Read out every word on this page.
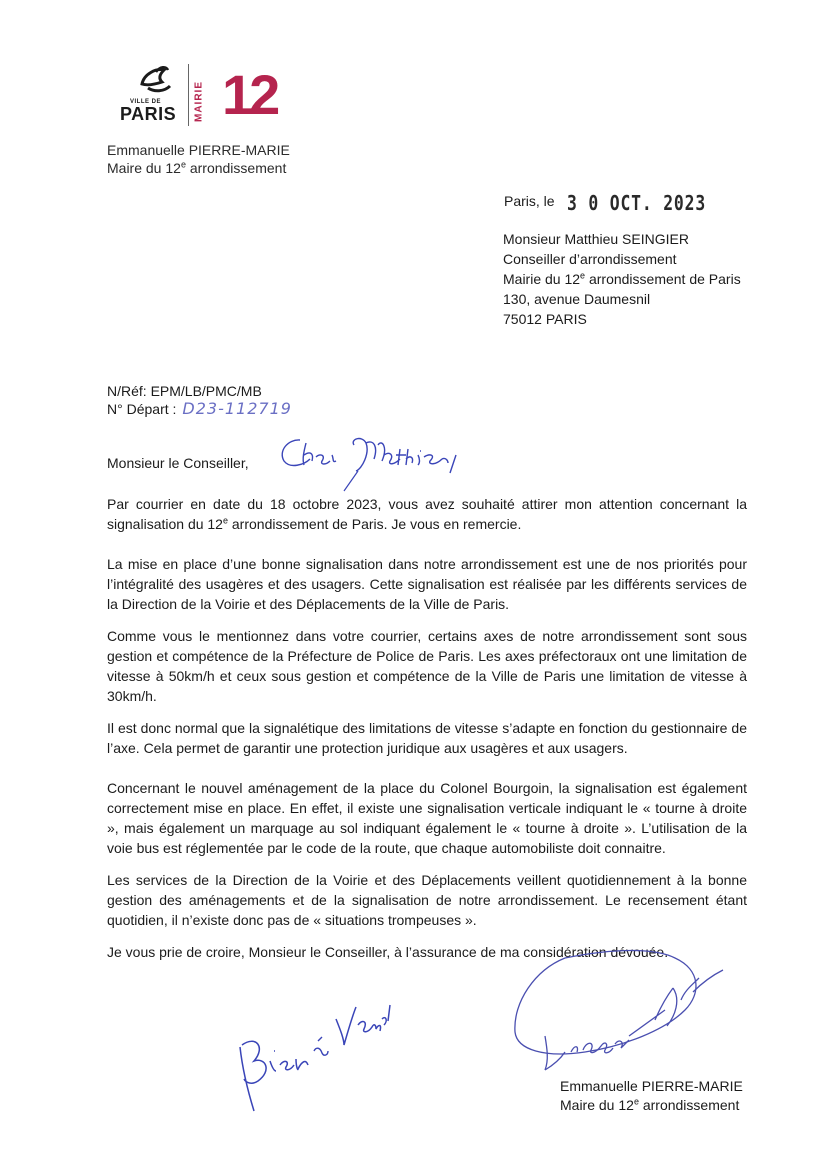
VILLE DE
PARIS MAIRIE 12
Emmanuelle PIERRE-MARIE
Maire du 12e arrondissement
Paris, le 3 0 OCT. 2023
Monsieur Matthieu SEINGIER
Conseiller d’arrondissement
Mairie du 12e arrondissement de Paris
130, avenue Daumesnil
75012 PARIS
N/Réf: EPM/LB/PMC/MB
N° Départ : D23-112719
Monsieur le Conseiller,
Cher Matthieu,
Par courrier en date du 18 octobre 2023, vous avez souhaité attirer mon attention concernant la signalisation du 12e arrondissement de Paris. Je vous en remercie.
La mise en place d’une bonne signalisation dans notre arrondissement est une de nos priorités pour l’intégralité des usagères et des usagers. Cette signalisation est réalisée par les différents services de la Direction de la Voirie et des Déplacements de la Ville de Paris.
Comme vous le mentionnez dans votre courrier, certains axes de notre arrondissement sont sous gestion et compétence de la Préfecture de Police de Paris. Les axes préfectoraux ont une limitation de vitesse à 50km/h et ceux sous gestion et compétence de la Ville de Paris une limitation de vitesse à 30km/h.
Il est donc normal que la signalétique des limitations de vitesse s’adapte en fonction du gestionnaire de l’axe. Cela permet de garantir une protection juridique aux usagères et aux usagers.
Concernant le nouvel aménagement de la place du Colonel Bourgoin, la signalisation est également correctement mise en place. En effet, il existe une signalisation verticale indiquant le « tourne à droite », mais également un marquage au sol indiquant également le « tourne à droite ». L’utilisation de la voie bus est réglementée par le code de la route, que chaque automobiliste doit connaitre.
Les services de la Direction de la Voirie et des Déplacements veillent quotidiennement à la bonne gestion des aménagements et de la signalisation de notre arrondissement. Le recensement étant quotidien, il n’existe donc pas de « situations trompeuses ».
Je vous prie de croire, Monsieur le Conseiller, à l’assurance de ma considération dévouée.
Bien à vous !
Pierre-Marie
Emmanuelle PIERRE-MARIE
Maire du 12e arrondissement
